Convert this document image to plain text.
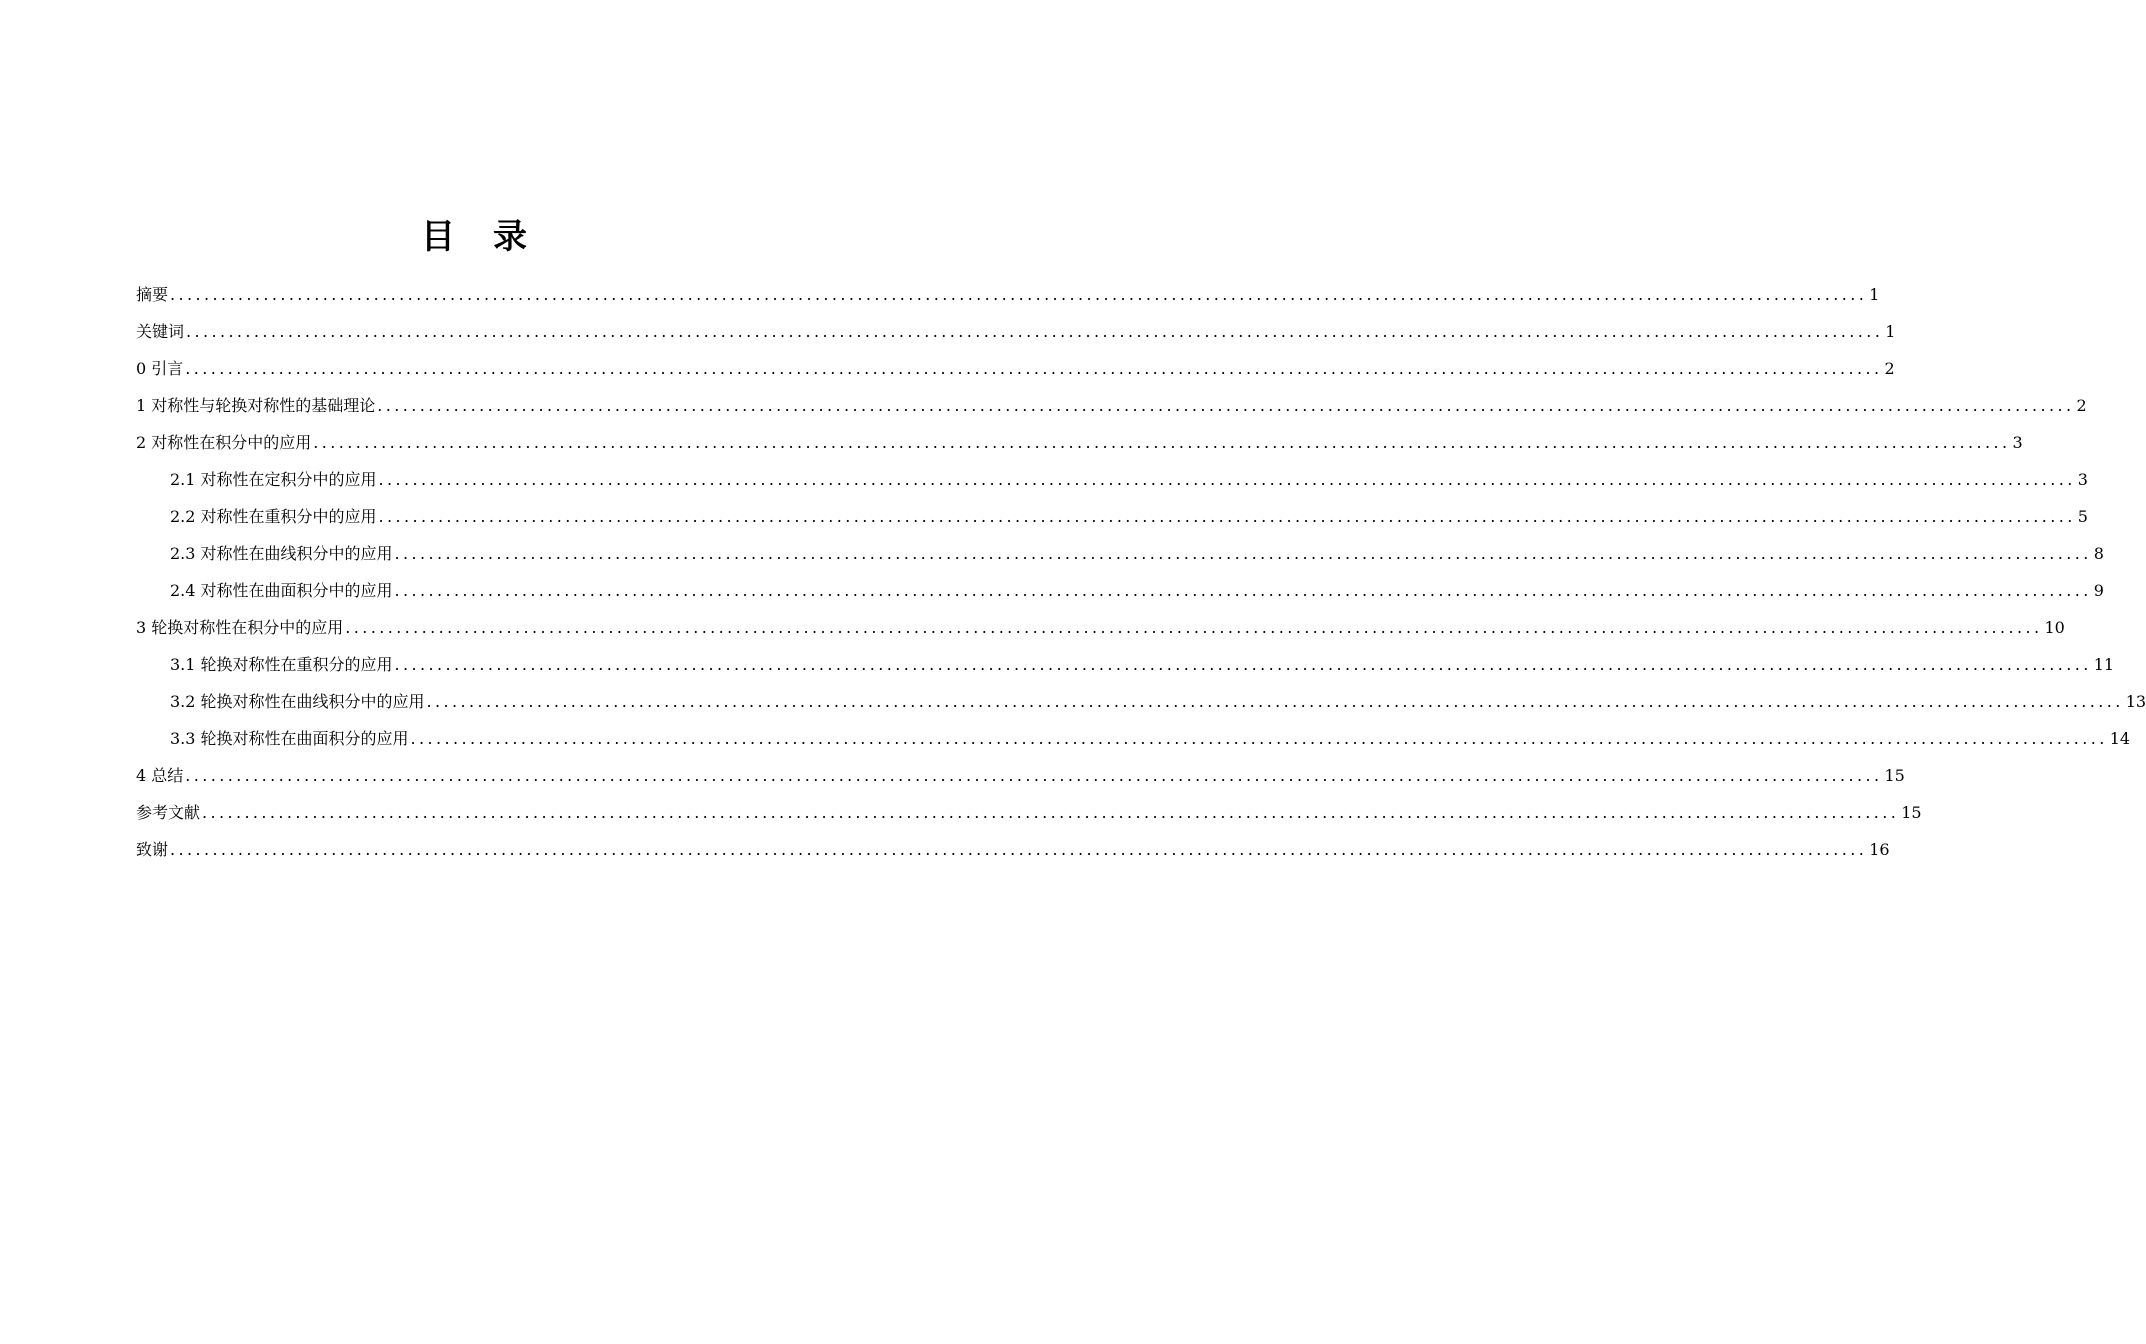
目　录
摘要 ........................................................................................................................................................................................................ 1
关键词 ........................................................................................................................................................................................................ 1
0 引言 ........................................................................................................................................................................................................ 2
1 对称性与轮换对称性的基础理论 ........................................................................................................................................................................................................ 2
2 对称性在积分中的应用 ........................................................................................................................................................................................................ 3
2.1 对称性在定积分中的应用 ........................................................................................................................................................................................................ 3
2.2 对称性在重积分中的应用 ........................................................................................................................................................................................................ 5
2.3 对称性在曲线积分中的应用 ........................................................................................................................................................................................................ 8
2.4 对称性在曲面积分中的应用 ........................................................................................................................................................................................................ 9
3 轮换对称性在积分中的应用 ........................................................................................................................................................................................................ 10
3.1 轮换对称性在重积分的应用 ........................................................................................................................................................................................................ 11
3.2 轮换对称性在曲线积分中的应用 ........................................................................................................................................................................................................ 13
3.3 轮换对称性在曲面积分的应用 ........................................................................................................................................................................................................ 14
4 总结 ........................................................................................................................................................................................................ 15
参考文献 ........................................................................................................................................................................................................ 15
致谢 ........................................................................................................................................................................................................ 16
